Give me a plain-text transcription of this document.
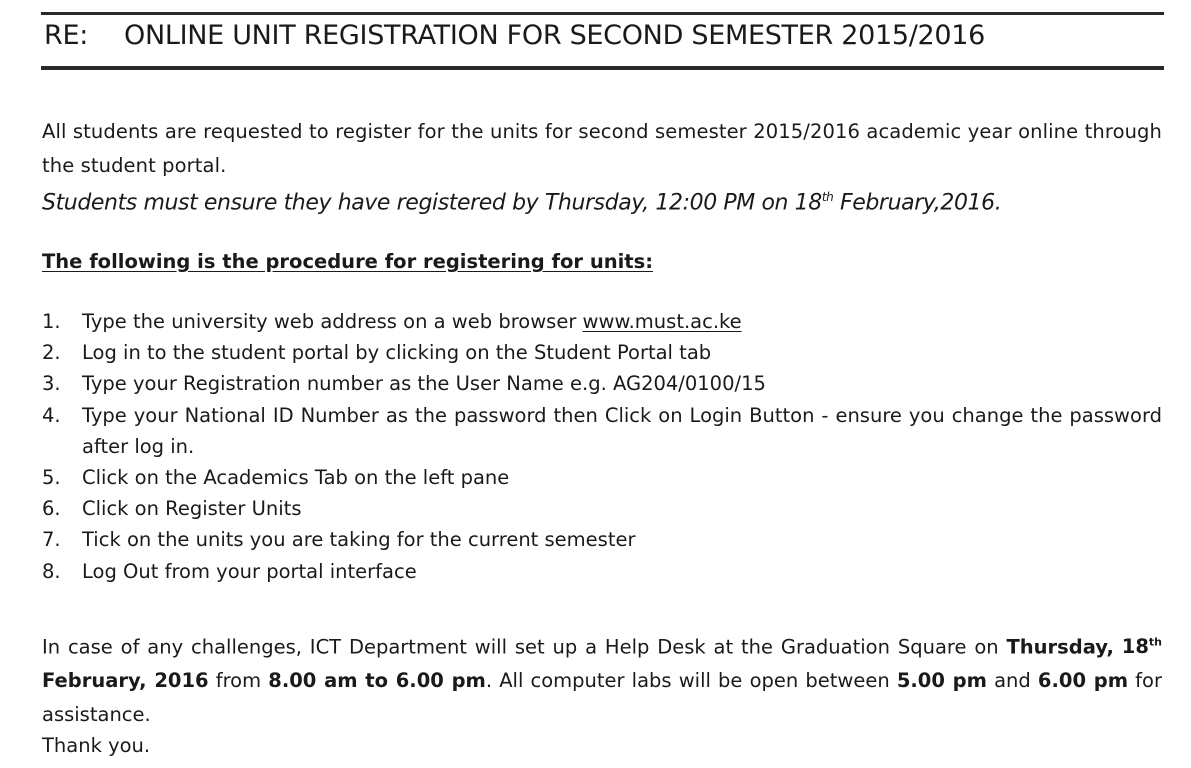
RE: ONLINE UNIT REGISTRATION FOR SECOND SEMESTER 2015/2016

All students are requested to register for the units for second semester 2015/2016 academic year online through the student portal.

Students must ensure they have registered by Thursday, 12:00 PM on 18th February,2016.
The following is the procedure for registering for units:
1. Type the university web address on a web browser www.must.ac.ke
2. Log in to the student portal by clicking on the Student Portal tab
3. Type your Registration number as the User Name e.g. AG204/0100/15
4. Type your National ID Number as the password then Click on Login Button - ensure you change the password after log in.
5. Click on the Academics Tab on the left pane
6. Click on Register Units
7. Tick on the units you are taking for the current semester
8. Log Out from your portal interface

In case of any challenges, ICT Department will set up a Help Desk at the Graduation Square on Thursday, 18th February, 2016 from 8.00 am to 6.00 pm. All computer labs will be open between 5.00 pm and 6.00 pm for assistance.

Thank you.
